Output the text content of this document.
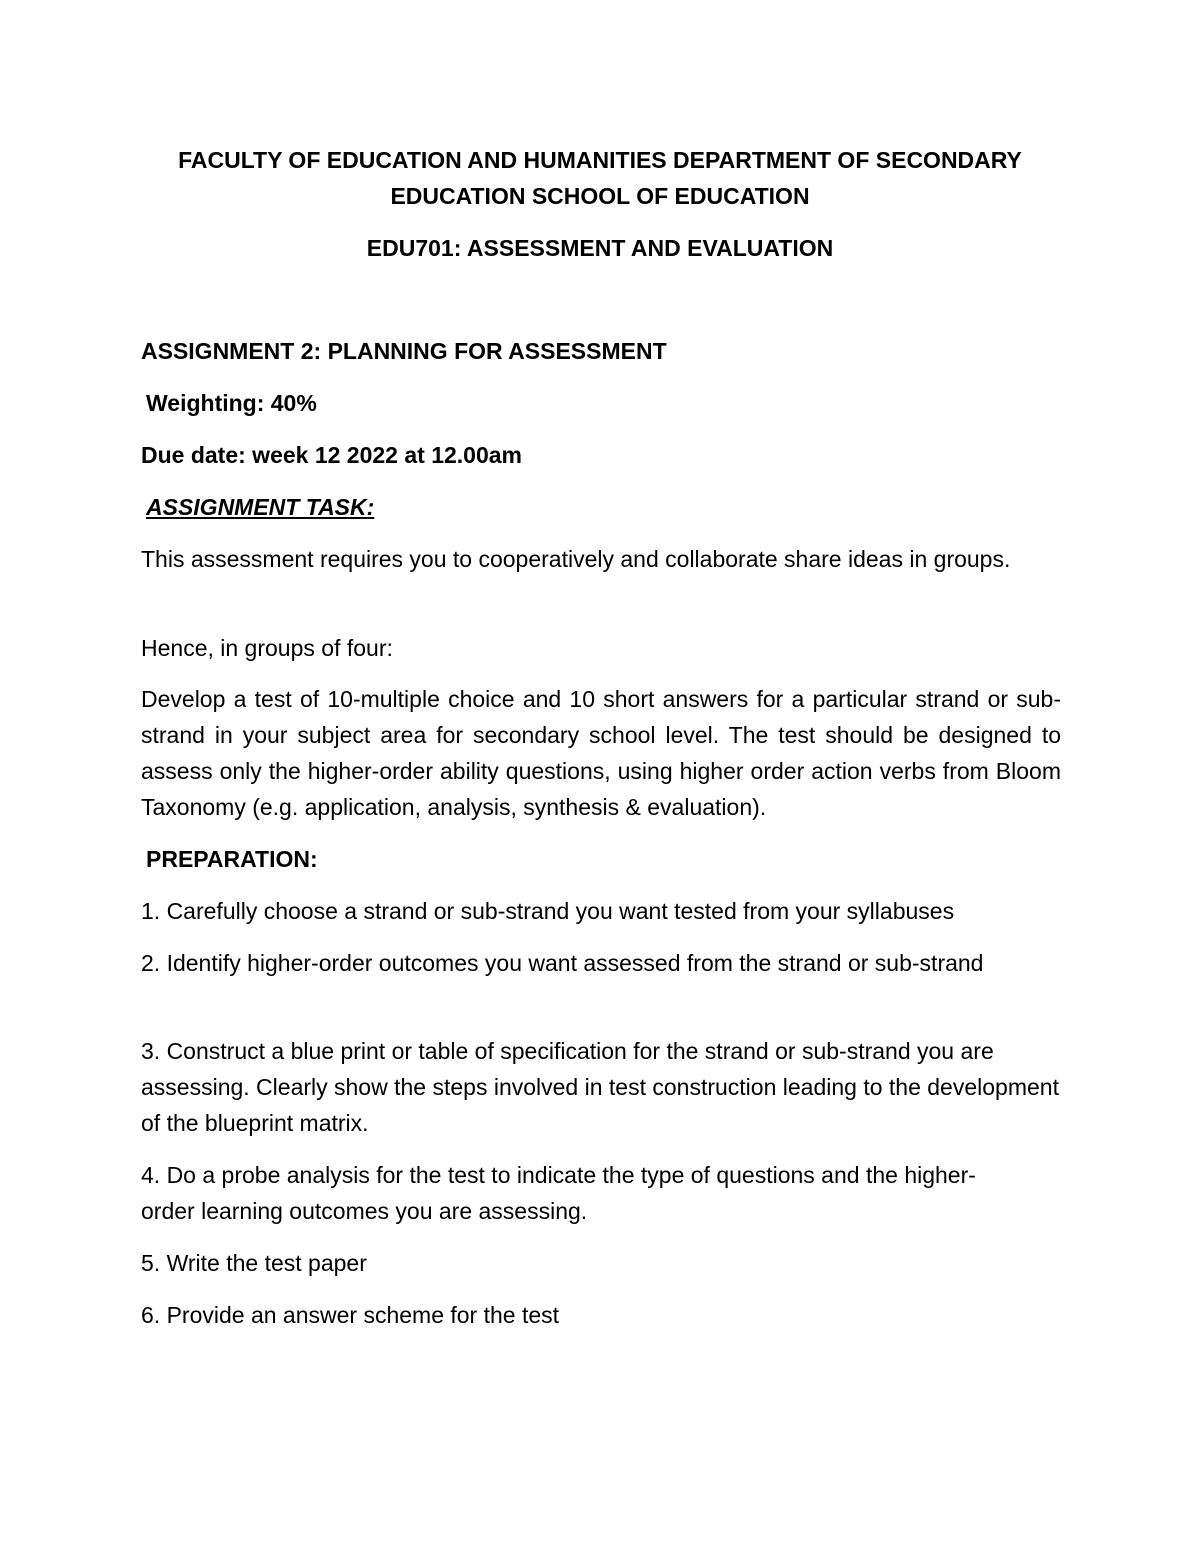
FACULTY OF EDUCATION AND HUMANITIES DEPARTMENT OF SECONDARY
EDUCATION SCHOOL OF EDUCATION

EDU701: ASSESSMENT AND EVALUATION

ASSIGNMENT 2: PLANNING FOR ASSESSMENT

Weighting: 40%

Due date: week 12 2022 at 12.00am

ASSIGNMENT TASK:

This assessment requires you to cooperatively and collaborate share ideas in groups.

Hence, in groups of four:

Develop a test of 10-multiple choice and 10 short answers for a particular strand or sub-strand in your subject area for secondary school level. The test should be designed to assess only the higher-order ability questions, using higher order action verbs from Bloom Taxonomy (e.g. application, analysis, synthesis & evaluation).

PREPARATION:

1. Carefully choose a strand or sub-strand you want tested from your syllabuses

2. Identify higher-order outcomes you want assessed from the strand or sub-strand

3. Construct a blue print or table of specification for the strand or sub-strand you are assessing. Clearly show the steps involved in test construction leading to the development of the blueprint matrix.

4. Do a probe analysis for the test to indicate the type of questions and the higher-order learning outcomes you are assessing.

5. Write the test paper

6. Provide an answer scheme for the test
